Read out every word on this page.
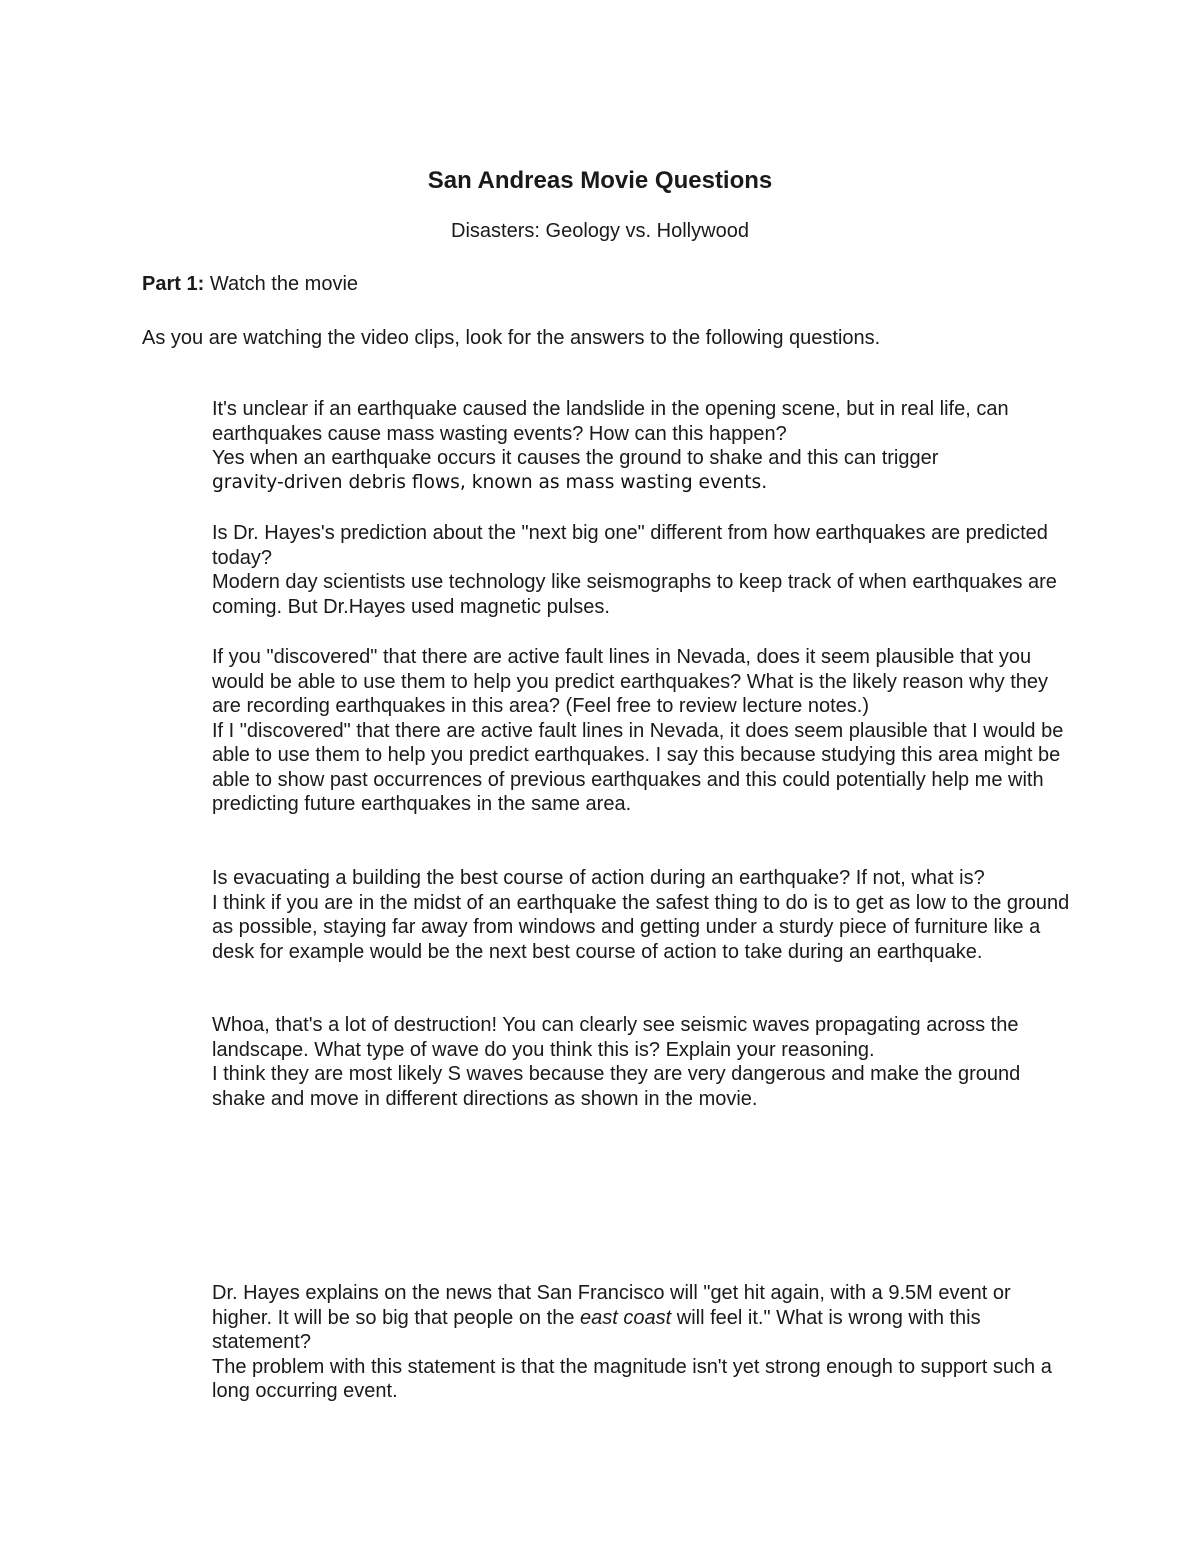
San Andreas Movie Questions

Disasters: Geology vs. Hollywood

Part 1: Watch the movie

As you are watching the video clips, look for the answers to the following questions.

It's unclear if an earthquake caused the landslide in the opening scene, but in real life, can earthquakes cause mass wasting events? How can this happen?

Yes when an earthquake occurs it causes the ground to shake and this can trigger

gravity-driven debris flows, known as mass wasting events.

Is Dr. Hayes's prediction about the "next big one" different from how earthquakes are predicted today?

Modern day scientists use technology like seismographs to keep track of when earthquakes are coming. But Dr.Hayes used magnetic pulses.

If you "discovered" that there are active fault lines in Nevada, does it seem plausible that you would be able to use them to help you predict earthquakes? What is the likely reason why they are recording earthquakes in this area? (Feel free to review lecture notes.)

If I "discovered" that there are active fault lines in Nevada, it does seem plausible that I would be able to use them to help you predict earthquakes. I say this because studying this area might be able to show past occurrences of previous earthquakes and this could potentially help me with predicting future earthquakes in the same area.

Is evacuating a building the best course of action during an earthquake? If not, what is?

I think if you are in the midst of an earthquake the safest thing to do is to get as low to the ground as possible, staying far away from windows and getting under a sturdy piece of furniture like a desk for example would be the next best course of action to take during an earthquake.

Whoa, that's a lot of destruction! You can clearly see seismic waves propagating across the landscape. What type of wave do you think this is? Explain your reasoning.

I think they are most likely S waves because they are very dangerous and make the ground shake and move in different directions as shown in the movie.

Dr. Hayes explains on the news that San Francisco will "get hit again, with a 9.5M event or higher. It will be so big that people on the east coast will feel it." What is wrong with this statement?

The problem with this statement is that the magnitude isn't yet strong enough to support such a long occurring event.
